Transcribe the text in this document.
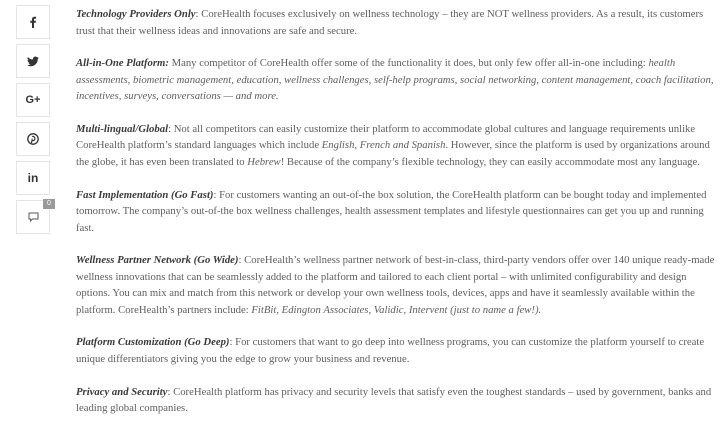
G+
in
0

Technology Providers Only: CoreHealth focuses exclusively on wellness technology – they are NOT wellness providers. As a result, its customers trust that their wellness ideas and innovations are safe and secure.

All-in-One Platform: Many competitor of CoreHealth offer some of the functionality it does, but only few offer all-in-one including: health assessments, biometric management, education, wellness challenges, self-help programs, social networking, content management, coach facilitation, incentives, surveys, conversations — and more.

Multi-lingual/Global: Not all competitors can easily customize their platform to accommodate global cultures and language requirements unlike CoreHealth platform’s standard languages which include English, French and Spanish. However, since the platform is used by organizations around the globe, it has even been translated to Hebrew! Because of the company’s flexible technology, they can easily accommodate most any language.

Fast Implementation (Go Fast): For customers wanting an out-of-the box solution, the CoreHealth platform can be bought today and implemented tomorrow. The company’s out-of-the box wellness challenges, health assessment templates and lifestyle questionnaires can get you up and running fast.

Wellness Partner Network (Go Wide): CoreHealth’s wellness partner network of best-in-class, third-party vendors offer over 140 unique ready-made wellness innovations that can be seamlessly added to the platform and tailored to each client portal – with unlimited configurability and design options. You can mix and match from this network or develop your own wellness tools, devices, apps and have it seamlessly available within the platform. CoreHealth’s partners include: FitBit, Edington Associates, Validic, Intervent (just to name a few!).

Platform Customization (Go Deep): For customers that want to go deep into wellness programs, you can customize the platform yourself to create unique differentiators giving you the edge to grow your business and revenue.

Privacy and Security: CoreHealth platform has privacy and security levels that satisfy even the toughest standards – used by government, banks and leading global companies.
